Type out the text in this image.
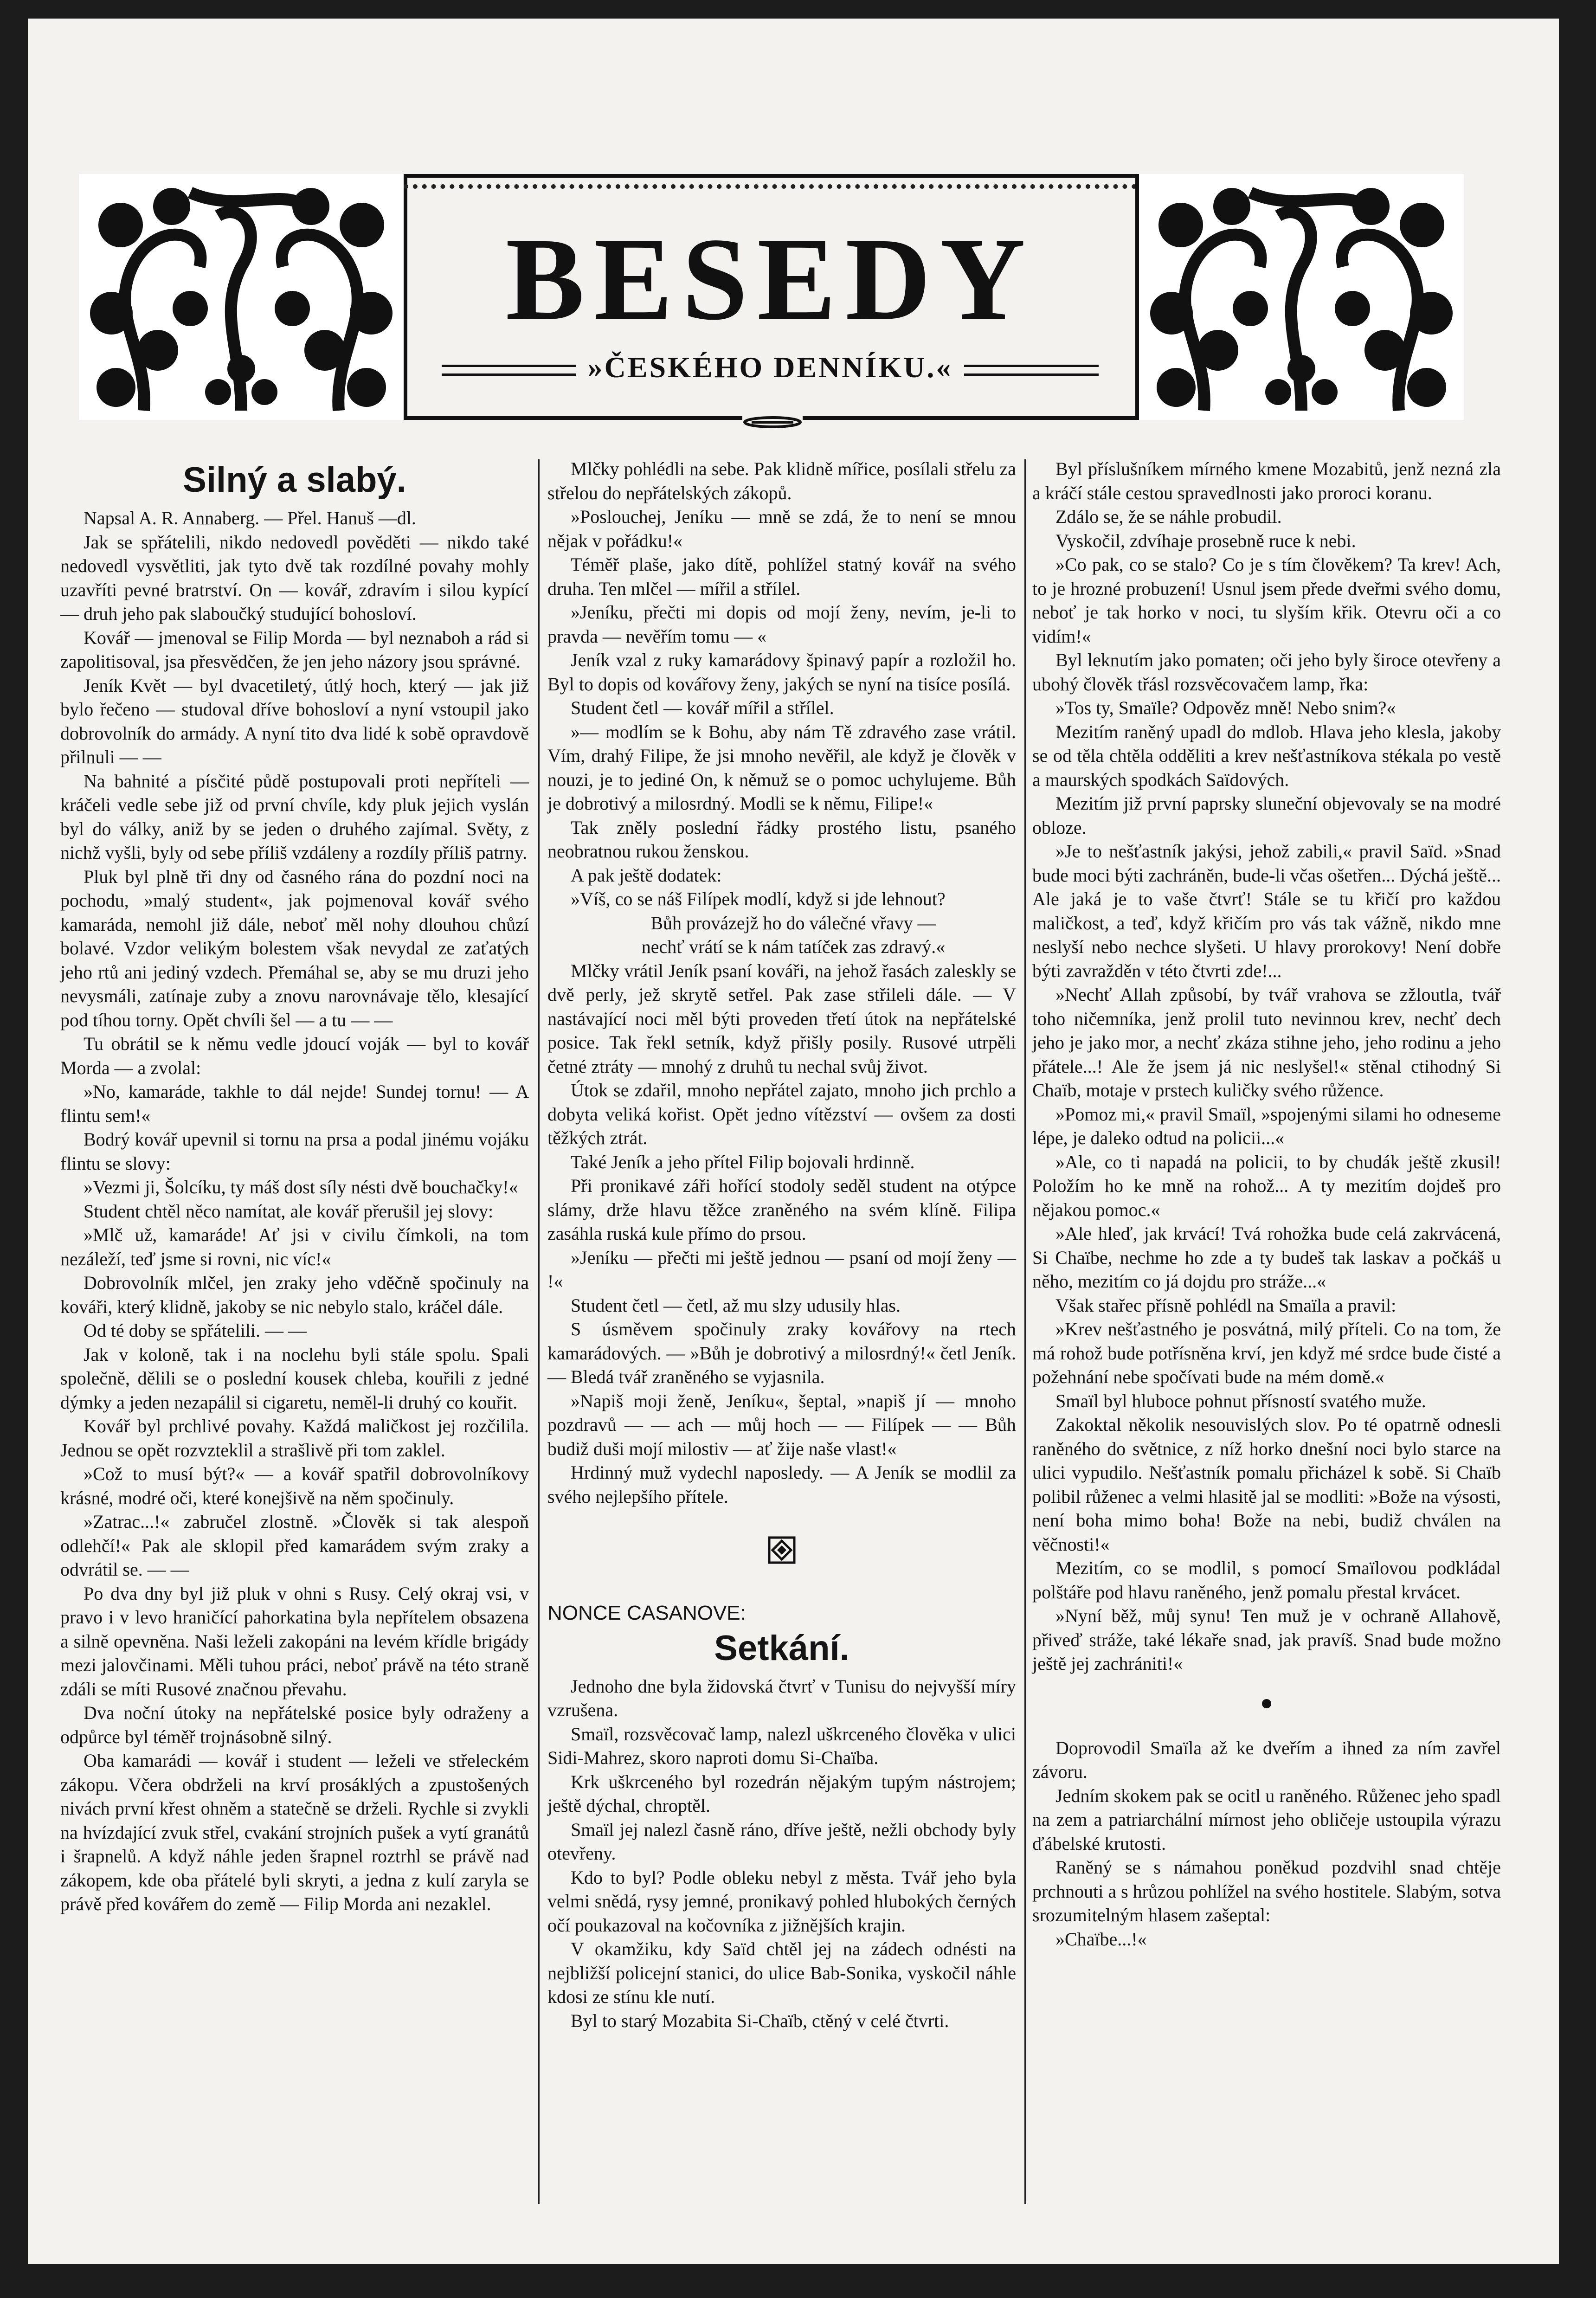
BESEDY
»ČESKÉHO DENNÍKU.«
Silný a slabý.

Napsal A. R. Annaberg. — Přel. Hanuš —dl.

Jak se spřátelili, nikdo nedovedl pověděti — nikdo také nedovedl vysvětliti, jak tyto dvě tak rozdílné povahy mohly uzavříti pevné bratrství. On — kovář, zdravím i silou kypící — druh jeho pak slaboučký studující bohosloví.

Kovář — jmenoval se Filip Morda — byl neznaboh a rád si zapolitisoval, jsa přesvědčen, že jen jeho názory jsou správné.

Jeník Květ — byl dvacetiletý, útlý hoch, který — jak již bylo řečeno — studoval dříve bohosloví a nyní vstoupil jako dobrovolník do armády. A nyní tito dva lidé k sobě opravdově přilnuli — —

Na bahnité a písčité půdě postupovali proti nepříteli — kráčeli vedle sebe již od první chvíle, kdy pluk jejich vyslán byl do války, aniž by se jeden o druhého zajímal. Světy, z nichž vyšli, byly od sebe příliš vzdáleny a rozdíly příliš patrny.

Pluk byl plně tři dny od časného rána do pozdní noci na pochodu, »malý student«, jak pojmenoval kovář svého kamaráda, nemohl již dále, neboť měl nohy dlouhou chůzí bolavé. Vzdor velikým bolestem však nevydal ze zaťatých jeho rtů ani jediný vzdech. Přemáhal se, aby se mu druzi jeho nevysmáli, zatínaje zuby a znovu narovnávaje tělo, klesající pod tíhou torny. Opět chvíli šel — a tu — —

Tu obrátil se k němu vedle jdoucí voják — byl to kovář Morda — a zvolal:

»No, kamaráde, takhle to dál nejde! Sundej tornu! — A flintu sem!«

Bodrý kovář upevnil si tornu na prsa a podal jinému vojáku flintu se slovy:

»Vezmi ji, Šolcíku, ty máš dost síly nésti dvě bouchačky!«

Student chtěl něco namítat, ale kovář přerušil jej slovy:

»Mlč už, kamaráde! Ať jsi v civilu čímkoli, na tom nezáleží, teď jsme si rovni, nic víc!«

Dobrovolník mlčel, jen zraky jeho vděčně spočinuly na kováři, který klidně, jakoby se nic nebylo stalo, kráčel dále.

Od té doby se spřátelili. — —

Jak v koloně, tak i na noclehu byli stále spolu. Spali společně, dělili se o poslední kousek chleba, kouřili z jedné dýmky a jeden nezapálil si cigaretu, neměl-li druhý co kouřit.

Kovář byl prchlivé povahy. Každá maličkost jej rozčilila. Jednou se opět rozvzteklil a strašlivě při tom zaklel.

»Což to musí být?« — a kovář spatřil dobrovolníkovy krásné, modré oči, které konejšivě na něm spočinuly.

»Zatrac...!« zabručel zlostně. »Člověk si tak alespoň odlehčí!« Pak ale sklopil před kamarádem svým zraky a odvrátil se. — —

Po dva dny byl již pluk v ohni s Rusy. Celý okraj vsi, v pravo i v levo hraničící pahorkatina byla nepřítelem obsazena a silně opevněna. Naši leželi zakopáni na levém křídle brigády mezi jalovčinami. Měli tuhou práci, neboť právě na této straně zdáli se míti Rusové značnou převahu.

Dva noční útoky na nepřátelské posice byly odraženy a odpůrce byl téměř trojnásobně silný.

Oba kamarádi — kovář i student — leželi ve střeleckém zákopu. Včera obdrželi na krví prosáklých a zpustošených nivách první křest ohněm a statečně se drželi. Rychle si zvykli na hvízdající zvuk střel, cvakání strojních pušek a vytí granátů i šrapnelů. A když náhle jeden šrapnel roztrhl se právě nad zákopem, kde oba přátelé byli skryti, a jedna z kulí zaryla se právě před kovářem do země — Filip Morda ani nezaklel.

Mlčky pohlédli na sebe. Pak klidně mířice, posílali střelu za střelou do nepřátelských zákopů.

»Poslouchej, Jeníku — mně se zdá, že to není se mnou nějak v pořádku!«

Téměř plaše, jako dítě, pohlížel statný kovář na svého druha. Ten mlčel — mířil a střílel.

»Jeníku, přečti mi dopis od mojí ženy, nevím, je-li to pravda — nevěřím tomu — «

Jeník vzal z ruky kamarádovy špinavý papír a rozložil ho. Byl to dopis od kovářovy ženy, jakých se nyní na tisíce posílá.

Student četl — kovář mířil a střílel.

»— modlím se k Bohu, aby nám Tě zdravého zase vrátil. Vím, drahý Filipe, že jsi mnoho nevěřil, ale když je člověk v nouzi, je to jediné On, k němuž se o pomoc uchylujeme. Bůh je dobrotivý a milosrdný. Modli se k němu, Filipe!«

Tak zněly poslední řádky prostého listu, psaného neobratnou rukou ženskou.

A pak ještě dodatek:

»Víš, co se náš Filípek modlí, když si jde lehnout?

Bůh provázejž ho do válečné vřavy —

nechť vrátí se k nám tatíček zas zdravý.«

Mlčky vrátil Jeník psaní kováři, na jehož řasách zaleskly se dvě perly, jež skrytě setřel. Pak zase střileli dále. — V nastávající noci měl býti proveden třetí útok na nepřátelské posice. Tak řekl setník, když přišly posily. Rusové utrpěli četné ztráty — mnohý z druhů tu nechal svůj život.

Útok se zdařil, mnoho nepřátel zajato, mnoho jich prchlo a dobyta veliká kořist. Opět jedno vítězství — ovšem za dosti těžkých ztrát.

Také Jeník a jeho přítel Filip bojovali hrdinně.

Při pronikavé záři hořící stodoly seděl student na otýpce slámy, drže hlavu těžce zraněného na svém klíně. Filipa zasáhla ruská kule přímo do prsou.

»Jeníku — přečti mi ještě jednou — psaní od mojí ženy — !«

Student četl — četl, až mu slzy udusily hlas.

S úsměvem spočinuly zraky kovářovy na rtech kamarádových. — »Bůh je dobrotivý a milosrdný!« četl Jeník. — Bledá tvář zraněného se vyjasnila.

»Napiš moji ženě, Jeníku«, šeptal, »napiš jí — mnoho pozdravů — — ach — můj hoch — — Filípek — — Bůh budiž duši mojí milostiv — ať žije naše vlast!«

Hrdinný muž vydechl naposledy. — A Jeník se modlil za svého nejlepšího přítele.

NONCE CASANOVE:

Setkání.

Jednoho dne byla židovská čtvrť v Tunisu do nejvyšší míry vzrušena.

Smaïl, rozsvěcovač lamp, nalezl uškrceného člověka v ulici Sidi-Mahrez, skoro naproti domu Si-Chaïba.

Krk uškrceného byl rozedrán nějakým tupým nástrojem; ještě dýchal, chroptěl.

Smaïl jej nalezl časně ráno, dříve ještě, nežli obchody byly otevřeny.

Kdo to byl? Podle obleku nebyl z města. Tvář jeho byla velmi snědá, rysy jemné, pronikavý pohled hlubokých černých očí poukazoval na kočovníka z jižnějších krajin.

V okamžiku, kdy Saïd chtěl jej na zádech odnésti na nejbližší policejní stanici, do ulice Bab-Sonika, vyskočil náhle kdosi ze stínu kle nutí.

Byl to starý Mozabita Si-Chaïb, ctěný v celé čtvrti.

Byl příslušníkem mírného kmene Mozabitů, jenž nezná zla a kráčí stále cestou spravedlnosti jako proroci koranu.

Zdálo se, že se náhle probudil.

Vyskočil, zdvíhaje prosebně ruce k nebi.

»Co pak, co se stalo? Co je s tím člověkem? Ta krev! Ach, to je hrozné probuzení! Usnul jsem přede dveřmi svého domu, neboť je tak horko v noci, tu slyším křik. Otevru oči a co vidím!«

Byl leknutím jako pomaten; oči jeho byly široce otevřeny a ubohý člověk třásl rozsvěcovačem lamp, řka:

»Tos ty, Smaïle? Odpověz mně! Nebo snim?«

Mezitím raněný upadl do mdlob. Hlava jeho klesla, jakoby se od těla chtěla odděliti a krev nešťastníkova stékala po vestě a maurských spodkách Saïdových.

Mezitím již první paprsky sluneční objevovaly se na modré obloze.

»Je to nešťastník jakýsi, jehož zabili,« pravil Saïd. »Snad bude moci býti zachráněn, bude-li včas ošetřen... Dýchá ještě... Ale jaká je to vaše čtvrť! Stále se tu křičí pro každou maličkost, a teď, když křičím pro vás tak vážně, nikdo mne neslyší nebo nechce slyšeti. U hlavy prorokovy! Není dobře býti zavražděn v této čtvrti zde!...

»Nechť Allah způsobí, by tvář vrahova se zžloutla, tvář toho ničemníka, jenž prolil tuto nevinnou krev, nechť dech jeho je jako mor, a nechť zkáza stihne jeho, jeho rodinu a jeho přátele...! Ale že jsem já nic neslyšel!« stěnal ctihodný Si Chaïb, motaje v prstech kuličky svého růžence.

»Pomoz mi,« pravil Smaïl, »spojenými silami ho odneseme lépe, je daleko odtud na policii...«

»Ale, co ti napadá na policii, to by chudák ještě zkusil! Položím ho ke mně na rohož... A ty mezitím dojdeš pro nějakou pomoc.«

»Ale hleď, jak krvácí! Tvá rohožka bude celá zakrvácená, Si Chaïbe, nechme ho zde a ty budeš tak laskav a počkáš u něho, mezitím co já dojdu pro stráže...«

Však stařec přísně pohlédl na Smaïla a pravil:

»Krev nešťastného je posvátná, milý příteli. Co na tom, že má rohož bude potřísněna krví, jen když mé srdce bude čisté a požehnání nebe spočívati bude na mém domě.«

Smaïl byl hluboce pohnut přísností svatého muže.

Zakoktal několik nesouvislých slov. Po té opatrně odnesli raněného do světnice, z níž horko dnešní noci bylo starce na ulici vypudilo. Nešťastník pomalu přicházel k sobě. Si Chaïb polibil růženec a velmi hlasitě jal se modliti: »Bože na výsosti, není boha mimo boha! Bože na nebi, budiž chválen na věčnosti!«

Mezitím, co se modlil, s pomocí Smaïlovou podkládal polštáře pod hlavu raněného, jenž pomalu přestal krvácet.

»Nyní běž, můj synu! Ten muž je v ochraně Allahově, přiveď stráže, také lékaře snad, jak pravíš. Snad bude možno ještě jej zachrániti!«

Doprovodil Smaïla až ke dveřím a ihned za ním zavřel závoru.

Jedním skokem pak se ocitl u raněného. Růženec jeho spadl na zem a patriarchální mírnost jeho obličeje ustoupila výrazu ďábelské krutosti.

Raněný se s námahou poněkud pozdvihl snad chtěje prchnouti a s hrůzou pohlížel na svého hostitele. Slabým, sotva srozumitelným hlasem zašeptal:

»Chaïbe...!«
